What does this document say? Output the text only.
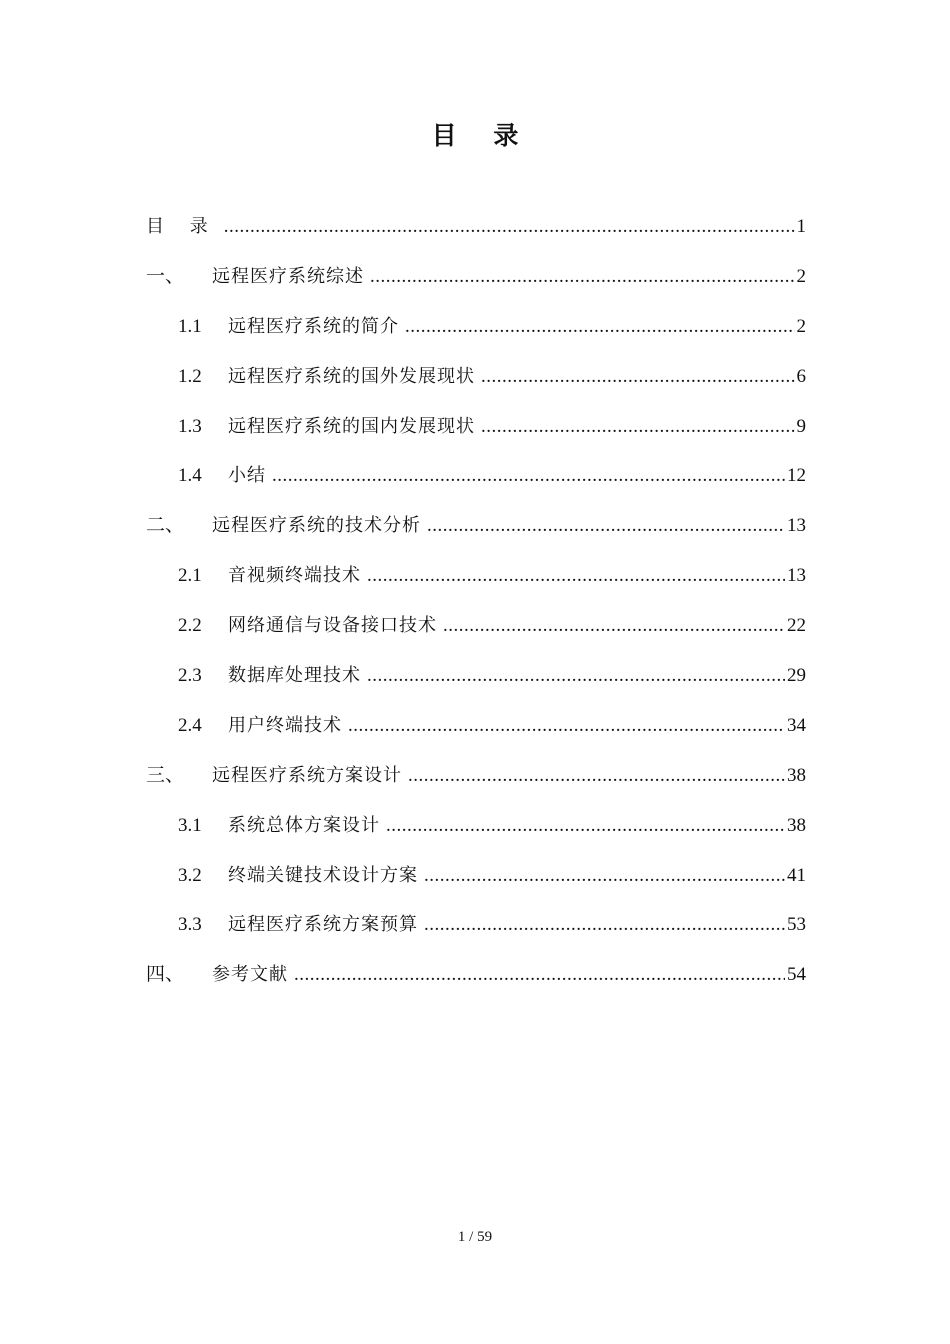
目 录
目 录 .....	1
一、	远程医疗系统综述 .....	2
1.1	远程医疗系统的简介 .....	2
1.2	远程医疗系统的国外发展现状 .....	6
1.3	远程医疗系统的国内发展现状 .....	9
1.4	小结 .....	12
二、	远程医疗系统的技术分析 .....	13
2.1	音视频终端技术 .....	13
2.2	网络通信与设备接口技术 .....	22
2.3	数据库处理技术 .....	29
2.4	用户终端技术 .....	34
三、	远程医疗系统方案设计 .....	38
3.1	系统总体方案设计 .....	38
3.2	终端关键技术设计方案 .....	41
3.3	远程医疗系统方案预算 .....	53
四、	参考文献 .....	54
1 / 59
